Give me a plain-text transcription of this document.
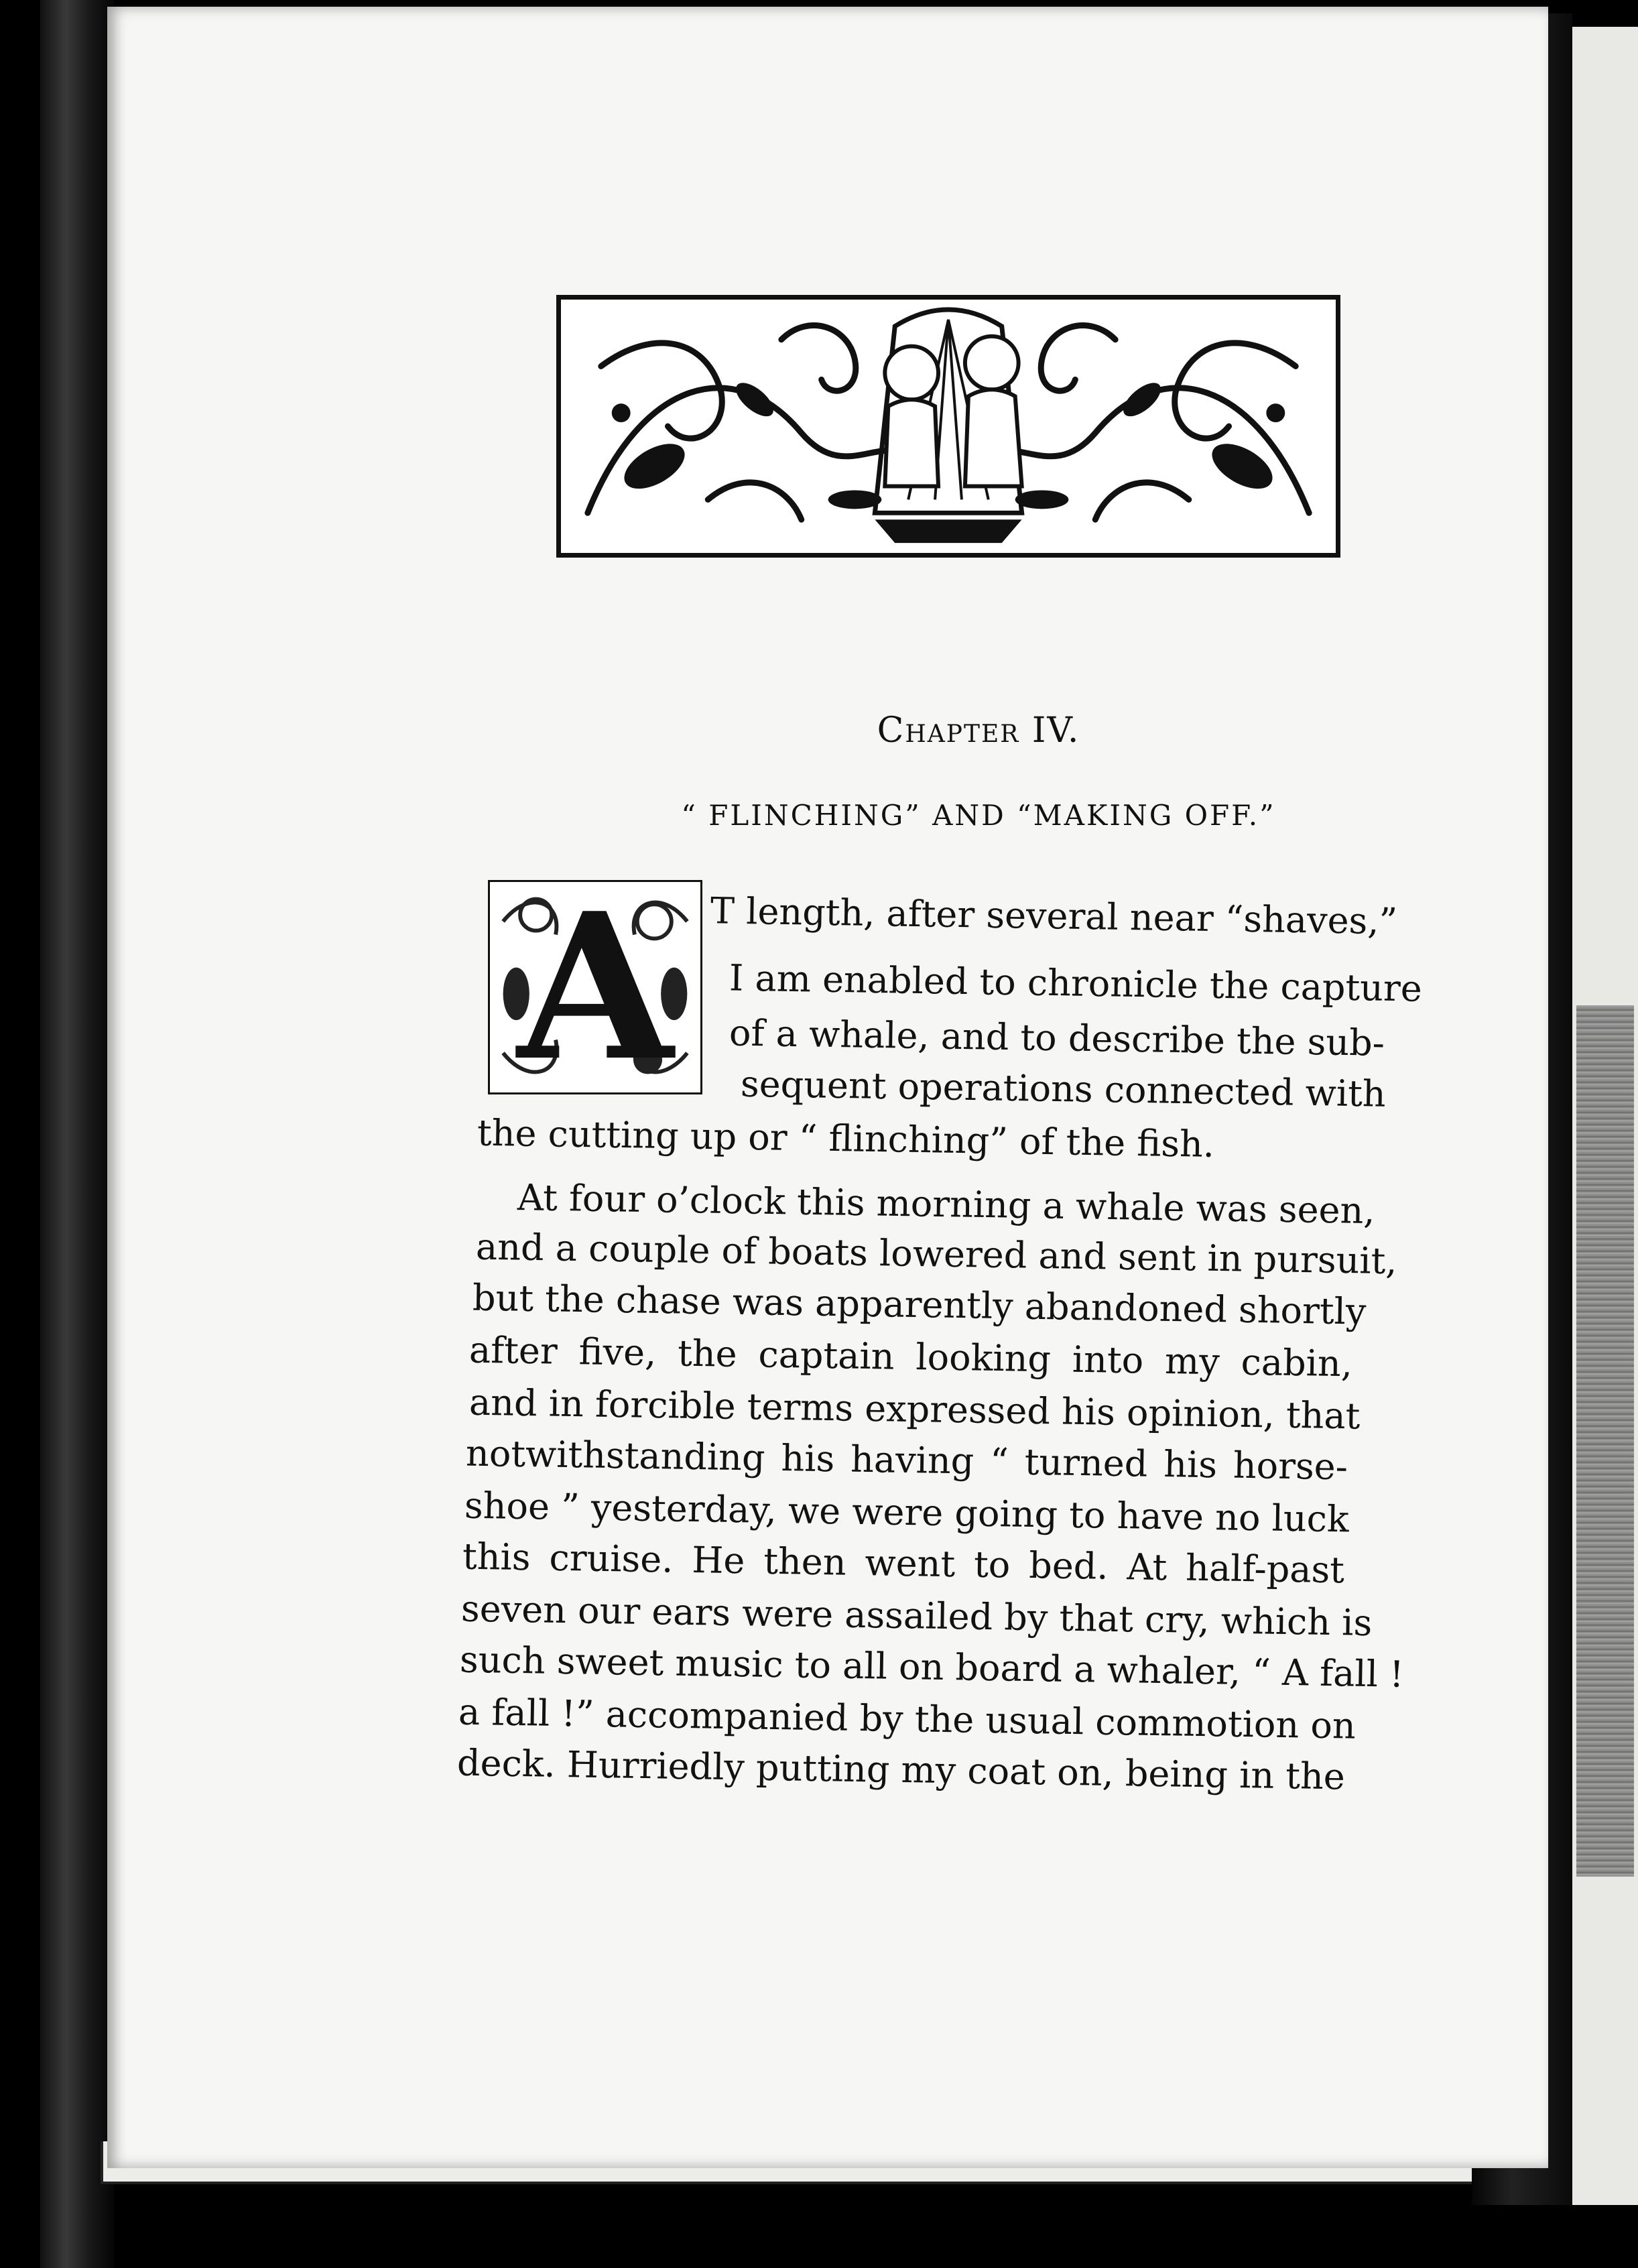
Chapter IV.
“ FLINCHING” AND “MAKING OFF.”
A	T length, after several near “shaves,”

I am enabled to chronicle the capture

of a whale, and to describe the sub-

sequent operations connected with

the cutting up or “ flinching” of the fish.

At four o’clock this morning a whale was seen,

and a couple of boats lowered and sent in pursuit,

but the chase was apparently abandoned shortly

after five, the captain looking into my cabin,

and in forcible terms expressed his opinion, that

notwithstanding his having “ turned his horse-

shoe ” yesterday, we were going to have no luck

this cruise. He then went to bed. At half-past

seven our ears were assailed by that cry, which is

such sweet music to all on board a whaler, “ A fall !

a fall !” accompanied by the usual commotion on

deck. Hurriedly putting my coat on, being in the
